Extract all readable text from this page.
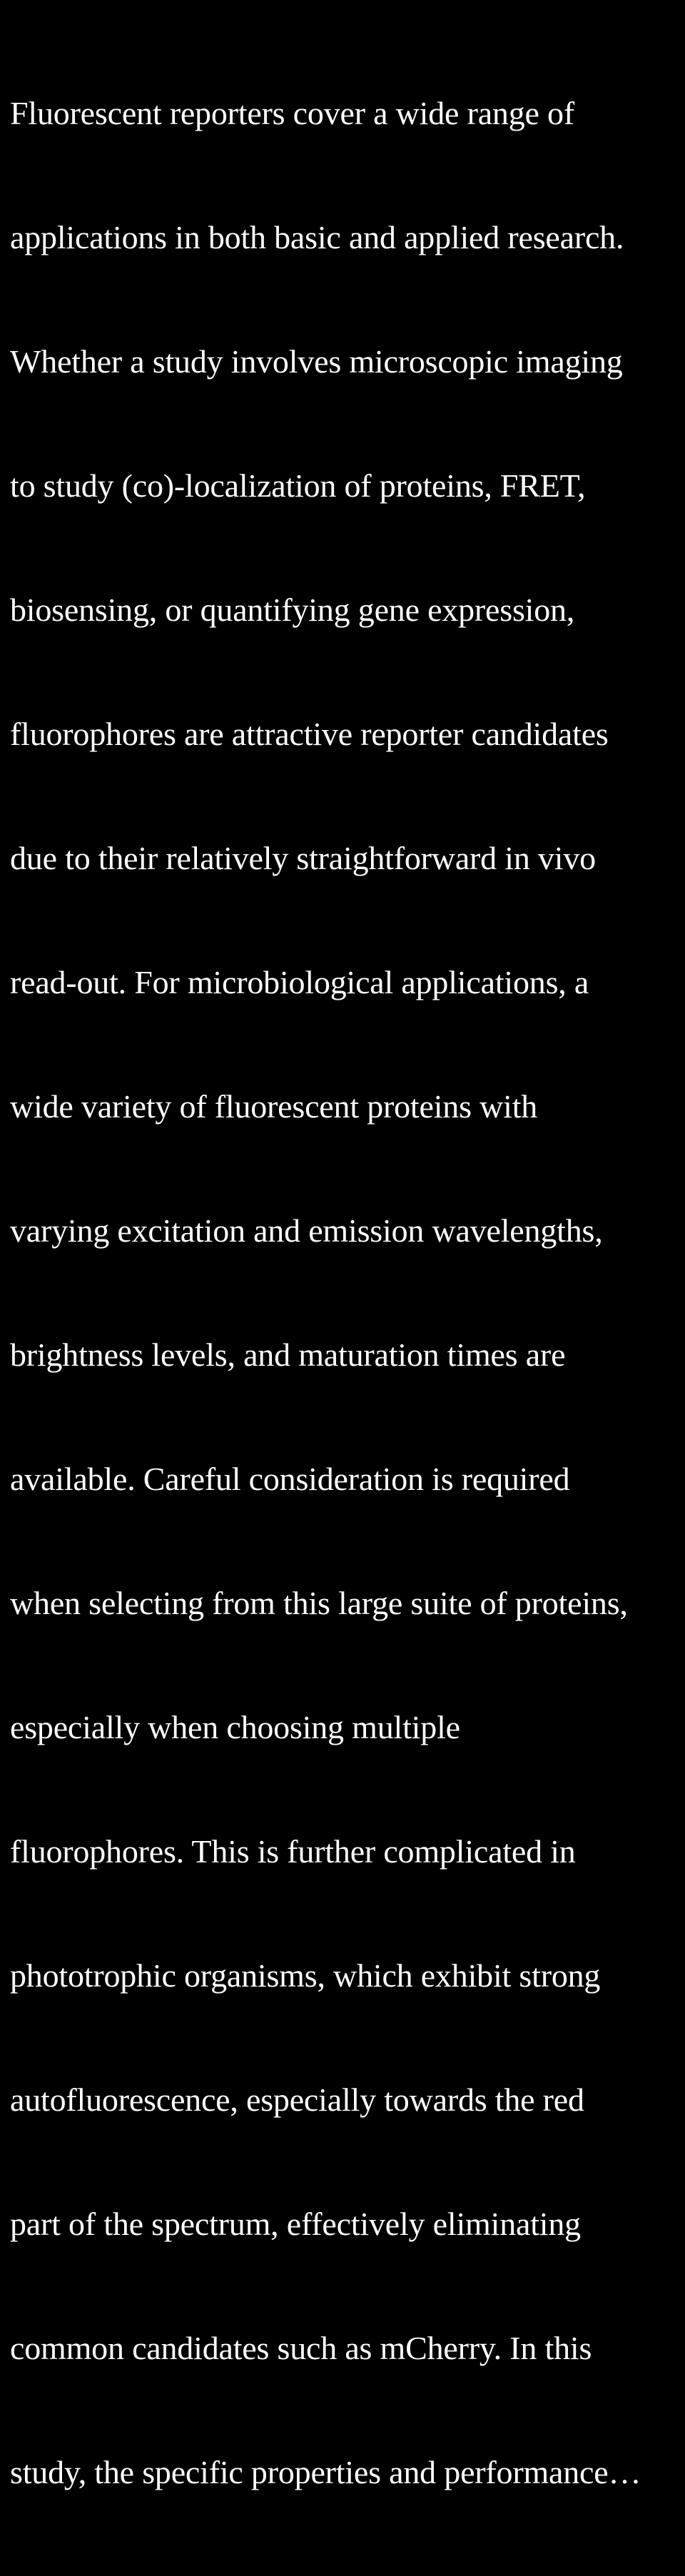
Fluorescent reporters cover a wide range of

applications in both basic and applied research.

Whether a study involves microscopic imaging

to study (co)-localization of proteins, FRET,

biosensing, or quantifying gene expression,

fluorophores are attractive reporter candidates

due to their relatively straightforward in vivo

read-out. For microbiological applications, a

wide variety of fluorescent proteins with

varying excitation and emission wavelengths,

brightness levels, and maturation times are

available. Careful consideration is required

when selecting from this large suite of proteins,

especially when choosing multiple

fluorophores. This is further complicated in

phototrophic organisms, which exhibit strong

autofluorescence, especially towards the red

part of the spectrum, effectively eliminating

common candidates such as mCherry. In this

study, the specific properties and performance…
